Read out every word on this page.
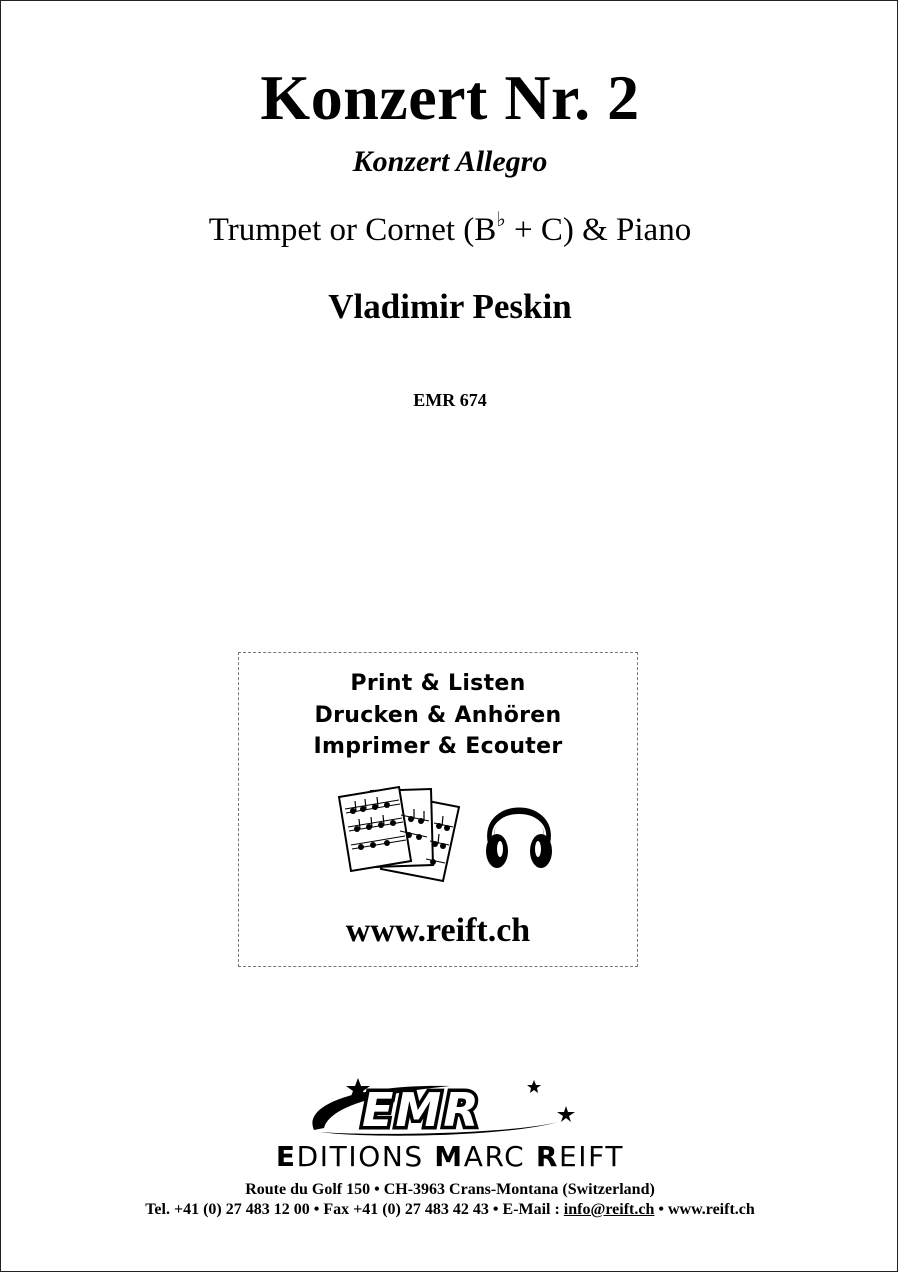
Konzert Nr. 2
Konzert Allegro
Trumpet or Cornet (B♭ + C) & Piano
Vladimir Peskin
EMR 674
Print & Listen
Drucken & Anhören
Imprimer & Ecouter
www.reift.ch
EMR
EDITIONS MARC REIFT
Route du Golf 150 • CH-3963 Crans-Montana (Switzerland)
Tel. +41 (0) 27 483 12 00 • Fax +41 (0) 27 483 42 43 • E-Mail : info@reift.ch • www.reift.ch
